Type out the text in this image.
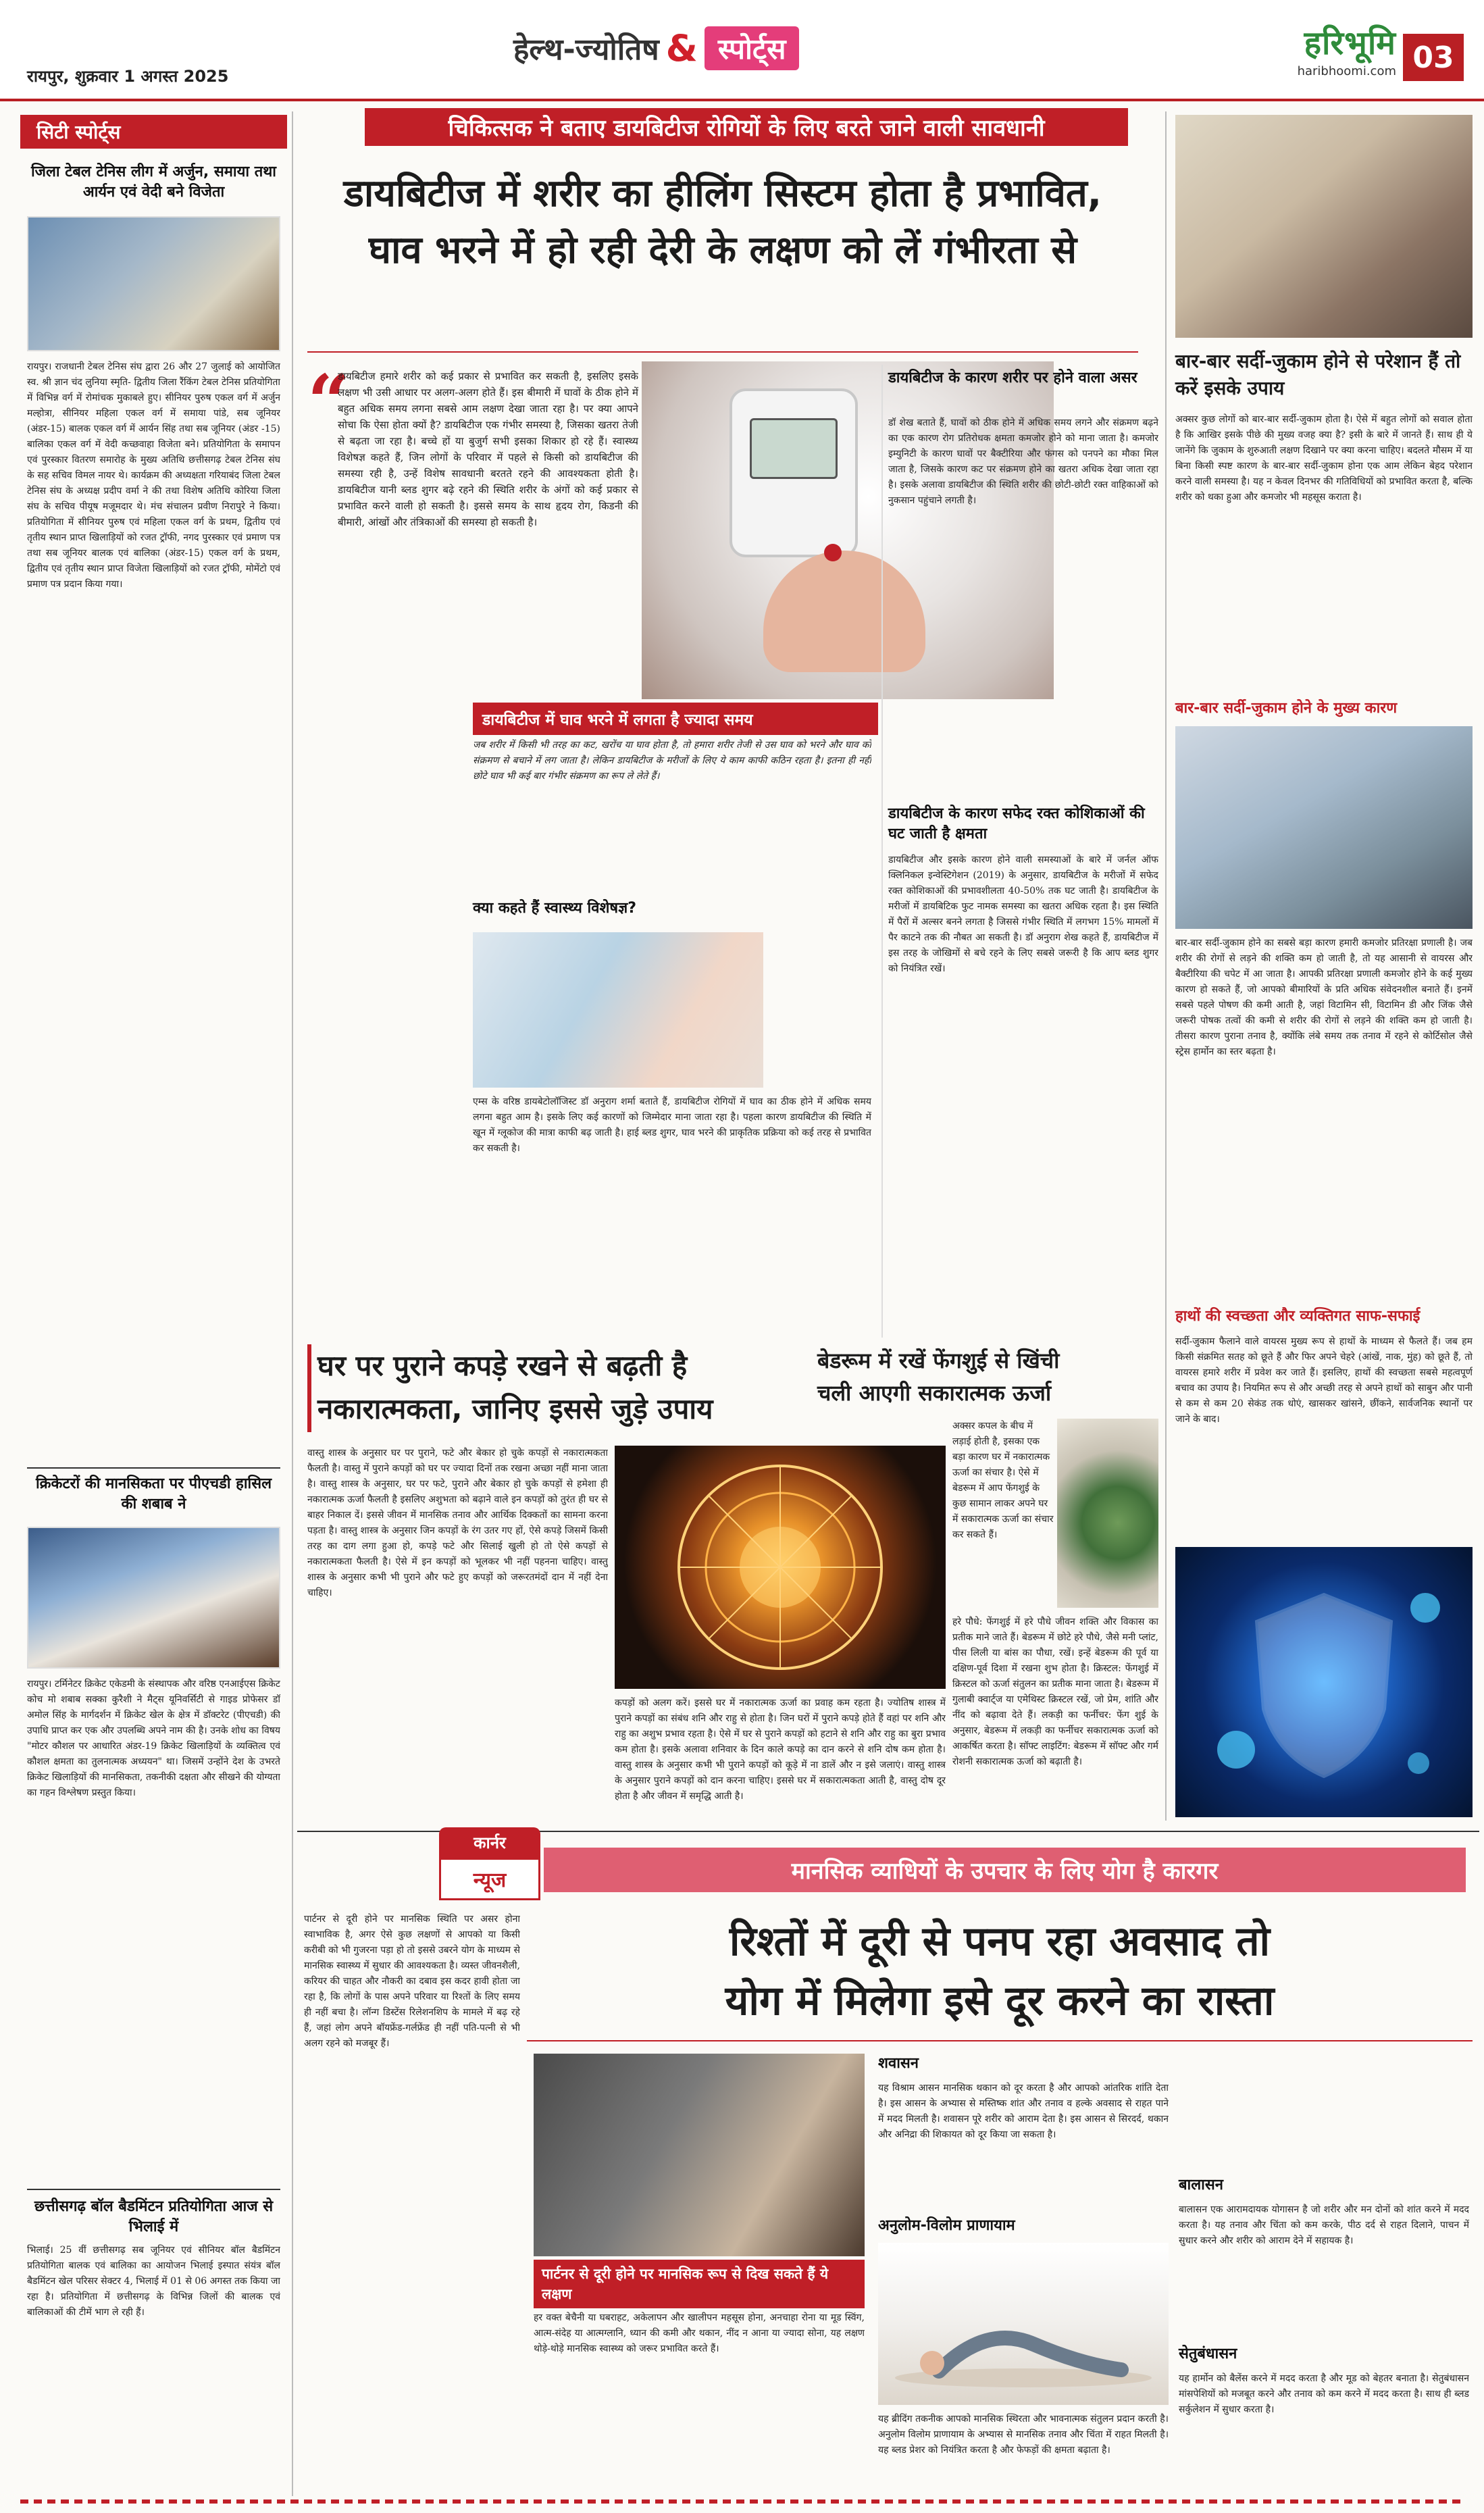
रायपुर, शुक्रवार 1 अगस्त 2025
हेल्थ-ज्योतिष & स्पोर्ट्स	हरिभूमि
haribhoomi.com 03
सिटी स्पोर्ट्स
जिला टेबल टेनिस लीग में अर्जुन, समाया तथा आर्यन एवं वेदी बने विजेता
रायपुर। राजधानी टेबल टेनिस संघ द्वारा 26 और 27 जुलाई को आयोजित स्व. श्री ज्ञान चंद लुनिया स्मृति- द्वितीय जिला रैंकिंग टेबल टेनिस प्रतियोगिता में विभिन्न वर्ग में रोमांचक मुकाबले हुए। सीनियर पुरुष एकल वर्ग में अर्जुन मल्होत्रा, सीनियर महिला एकल वर्ग में समाया पांडे, सब जूनियर (अंडर-15) बालक एकल वर्ग में आर्यन सिंह तथा सब जूनियर (अंडर -15) बालिका एकल वर्ग में वेदी कच्छवाहा विजेता बने। प्रतियोगिता के समापन एवं पुरस्कार वितरण समारोह के मुख्य अतिथि छत्तीसगढ़ टेबल टेनिस संघ के सह सचिव विमल नायर थे। कार्यक्रम की अध्यक्षता गरियाबंद जिला टेबल टेनिस संघ के अध्यक्ष प्रदीप वर्मा ने की तथा विशेष अतिथि कोरिया जिला संघ के सचिव पीयूष मजूमदार थे। मंच संचालन प्रवीण निरापुरे ने किया। प्रतियोगिता में सीनियर पुरुष एवं महिला एकल वर्ग के प्रथम, द्वितीय एवं तृतीय स्थान प्राप्त खिलाड़ियों को रजत ट्रॉफी, नगद पुरस्कार एवं प्रमाण पत्र तथा सब जूनियर बालक एवं बालिका (अंडर-15) एकल वर्ग के प्रथम, द्वितीय एवं तृतीय स्थान प्राप्त विजेता खिलाड़ियों को रजत ट्रॉफी, मोमेंटो एवं प्रमाण पत्र प्रदान किया गया।
क्रिकेटरों की मानसिकता पर पीएचडी हासिल की शबाब ने
रायपुर। टर्मिनेटर क्रिकेट एकेडमी के संस्थापक और वरिष्ठ एनआईएस क्रिकेट कोच मो शबाब सक्का कुरैशी ने मैट्स यूनिवर्सिटी से गाइड प्रोफेसर डॉ अमोल सिंह के मार्गदर्शन में क्रिकेट खेल के क्षेत्र में डॉक्टरेट (पीएचडी) की उपाधि प्राप्त कर एक और उपलब्धि अपने नाम की है। उनके शोध का विषय "मोटर कौशल पर आधारित अंडर-19 क्रिकेट खिलाड़ियों के व्यक्तित्व एवं कौशल क्षमता का तुलनात्मक अध्ययन" था। जिसमें उन्होंने देश के उभरते क्रिकेट खिलाड़ियों की मानसिकता, तकनीकी दक्षता और सीखने की योग्यता का गहन विश्लेषण प्रस्तुत किया।
छत्तीसगढ़ बॉल बैडमिंटन प्रतियोगिता आज से भिलाई में
भिलाई। 25 वीं छत्तीसगढ़ सब जूनियर एवं सीनियर बॉल बैडमिंटन प्रतियोगिता बालक एवं बालिका का आयोजन भिलाई इस्पात संयंत्र बॉल बैडमिंटन खेल परिसर सेक्टर 4, भिलाई में 01 से 06 अगस्त तक किया जा रहा है। प्रतियोगिता में छत्तीसगढ़ के विभिन्न जिलों की बालक एवं बालिकाओं की टीमें भाग ले रही हैं।
चिकित्सक ने बताए डायबिटीज रोगियों के लिए बरते जाने वाली सावधानी
डायबिटीज में शरीर का हीलिंग सिस्टम होता है प्रभावित,
घाव भरने में हो रही देरी के लक्षण को लें गंभीरता से
“
डायबिटीज हमारे शरीर को कई प्रकार से प्रभावित कर सकती है, इसलिए इसके लक्षण भी उसी आधार पर अलग-अलग होते हैं। इस बीमारी में घावों के ठीक होने में बहुत अधिक समय लगना सबसे आम लक्षण देखा जाता रहा है। पर क्या आपने सोचा कि ऐसा होता क्यों है? डायबिटीज एक गंभीर समस्या है, जिसका खतरा तेजी से बढ़ता जा रहा है। बच्चे हों या बुजुर्ग सभी इसका शिकार हो रहे हैं। स्वास्थ्य विशेषज्ञ कहते हैं, जिन लोगों के परिवार में पहले से किसी को डायबिटीज की समस्या रही है, उन्हें विशेष सावधानी बरतते रहने की आवश्यकता होती है। डायबिटीज यानी ब्लड शुगर बढ़े रहने की स्थिति शरीर के अंगों को कई प्रकार से प्रभावित करने वाली हो सकती है। इससे समय के साथ हृदय रोग, किडनी की बीमारी, आंखों और तंत्रिकाओं की समस्या हो सकती है।
डायबिटीज में घाव भरने में लगता है ज्यादा समय
जब शरीर में किसी भी तरह का कट, खरोंच या घाव होता है, तो हमारा शरीर तेजी से उस घाव को भरने और घाव को संक्रमण से बचाने में लग जाता है। लेकिन डायबिटीज के मरीजों के लिए ये काम काफी कठिन रहता है। इतना ही नहीं छोटे घाव भी कई बार गंभीर संक्रमण का रूप ले लेते हैं।
क्या कहते हैं स्वास्थ्य विशेषज्ञ?
एम्स के वरिष्ठ डायबेटोलॉजिस्ट डॉ अनुराग शर्मा बताते हैं, डायबिटीज रोगियों में घाव का ठीक होने में अधिक समय लगना बहुत आम है। इसके लिए कई कारणों को जिम्मेदार माना जाता रहा है। पहला कारण डायबिटीज की स्थिति में खून में ग्लूकोज की मात्रा काफी बढ़ जाती है। हाई ब्लड शुगर, घाव भरने की प्राकृतिक प्रक्रिया को कई तरह से प्रभावित कर सकती है।
डायबिटीज के कारण शरीर पर होने वाला असर
डॉ शेख बताते हैं, घावों को ठीक होने में अधिक समय लगने और संक्रमण बढ़ने का एक कारण रोग प्रतिरोधक क्षमता कमजोर होने को माना जाता है। कमजोर इम्युनिटी के कारण घावों पर बैक्टीरिया और फंगस को पनपने का मौका मिल जाता है, जिसके कारण कट पर संक्रमण होने का खतरा अधिक देखा जाता रहा है। इसके अलावा डायबिटीज की स्थिति शरीर की छोटी-छोटी रक्त वाहिकाओं को नुकसान पहुंचाने लगती है।
डायबिटीज के कारण सफेद रक्त कोशिकाओं की घट जाती है क्षमता
डायबिटीज और इसके कारण होने वाली समस्याओं के बारे में जर्नल ऑफ क्लिनिकल इन्वेस्टिगेशन (2019) के अनुसार, डायबिटीज के मरीजों में सफेद रक्त कोशिकाओं की प्रभावशीलता 40-50% तक घट जाती है। डायबिटीज के मरीजों में डायबिटिक फुट नामक समस्या का खतरा अधिक रहता है। इस स्थिति में पैरों में अल्सर बनने लगता है जिससे गंभीर स्थिति में लगभग 15% मामलों में पैर काटने तक की नौबत आ सकती है। डॉ अनुराग शेख कहते हैं, डायबिटीज में इस तरह के जोखिमों से बचे रहने के लिए सबसे जरूरी है कि आप ब्लड शुगर को नियंत्रित रखें।
घर पर पुराने कपड़े रखने से बढ़ती है
नकारात्मकता, जानिए इससे जुड़े उपाय
वास्तु शास्त्र के अनुसार घर पर पुराने, फटे और बेकार हो चुके कपड़ों से नकारात्मकता फैलती है। वास्तु में पुराने कपड़ों को घर पर ज्यादा दिनों तक रखना अच्छा नहीं माना जाता है। वास्तु शास्त्र के अनुसार, घर पर फटे, पुराने और बेकार हो चुके कपड़ों से हमेशा ही नकारात्मक ऊर्जा फैलती है इसलिए अशुभता को बढ़ाने वाले इन कपड़ों को तुरंत ही घर से बाहर निकाल दें। इससे जीवन में मानसिक तनाव और आर्थिक दिक्कतों का सामना करना पड़ता है। वास्तु शास्त्र के अनुसार जिन कपड़ों के रंग उतर गए हों, ऐसे कपड़े जिसमें किसी तरह का दाग लगा हुआ हो, कपड़े फटे और सिलाई खुली हो तो ऐसे कपड़ों से नकारात्मकता फैलती है। ऐसे में इन कपड़ों को भूलकर भी नहीं पहनना चाहिए। वास्तु शास्त्र के अनुसार कभी भी पुराने और फटे हुए कपड़ों को जरूरतमंदों दान में नहीं देना चाहिए।
कपड़ों को अलग करें। इससे घर में नकारात्मक ऊर्जा का प्रवाह कम रहता है। ज्योतिष शास्त्र में पुराने कपड़ों का संबंध शनि और राहु से होता है। जिन घरों में पुराने कपड़े होते हैं वहां पर शनि और राहु का अशुभ प्रभाव रहता है। ऐसे में घर से पुराने कपड़ों को हटाने से शनि और राहु का बुरा प्रभाव कम होता है। इसके अलावा शनिवार के दिन काले कपड़े का दान करने से शनि दोष कम होता है। वास्तु शास्त्र के अनुसार कभी भी पुराने कपड़ों को कूड़े में ना डालें और न इसे जलाएं। वास्तु शास्त्र के अनुसार पुराने कपड़ों को दान करना चाहिए। इससे घर में सकारात्मकता आती है, वास्तु दोष दूर होता है और जीवन में समृद्धि आती है।
बेडरूम में रखें फेंगशुई से खिंची
चली आएगी सकारात्मक ऊर्जा
अक्सर कपल के बीच में लड़ाई होती है, इसका एक बड़ा कारण घर में नकारात्मक ऊर्जा का संचार है। ऐसे में बेडरूम में आप फेंगशुई के कुछ सामान लाकर अपने घर में सकारात्मक ऊर्जा का संचार कर सकते हैं।
हरे पौधे: फेंगशुई में हरे पौधे जीवन शक्ति और विकास का प्रतीक माने जाते हैं। बेडरूम में छोटे हरे पौधे, जैसे मनी प्लांट, पीस लिली या बांस का पौधा, रखें। इन्हें बेडरूम की पूर्व या दक्षिण-पूर्व दिशा में रखना शुभ होता है। क्रिस्टल: फेंगशुई में क्रिस्टल को ऊर्जा संतुलन का प्रतीक माना जाता है। बेडरूम में गुलाबी क्वार्ट्ज या एमेथिस्ट क्रिस्टल रखें, जो प्रेम, शांति और नींद को बढ़ावा देते हैं। लकड़ी का फर्नीचर: फेंग शुई के अनुसार, बेडरूम में लकड़ी का फर्नीचर सकारात्मक ऊर्जा को आकर्षित करता है। सॉफ्ट लाइटिंग: बेडरूम में सॉफ्ट और गर्म रोशनी सकारात्मक ऊर्जा को बढ़ाती है।
बार-बार सर्दी-जुकाम होने से परेशान हैं तो करें इसके उपाय
अक्सर कुछ लोगों को बार-बार सर्दी-जुकाम होता है। ऐसे में बहुत लोगों को सवाल होता है कि आखिर इसके पीछे की मुख्य वजह क्या है? इसी के बारे में जानते हैं। साथ ही ये जानेंगे कि जुकाम के शुरुआती लक्षण दिखाने पर क्या करना चाहिए। बदलते मौसम में या बिना किसी स्पष्ट कारण के बार-बार सर्दी-जुकाम होना एक आम लेकिन बेहद परेशान करने वाली समस्या है। यह न केवल दिनभर की गतिविधियों को प्रभावित करता है, बल्कि शरीर को थका हुआ और कमजोर भी महसूस कराता है।
बार-बार सर्दी-जुकाम होने के मुख्य कारण
बार-बार सर्दी-जुकाम होने का सबसे बड़ा कारण हमारी कमजोर प्रतिरक्षा प्रणाली है। जब शरीर की रोगों से लड़ने की शक्ति कम हो जाती है, तो यह आसानी से वायरस और बैक्टीरिया की चपेट में आ जाता है। आपकी प्रतिरक्षा प्रणाली कमजोर होने के कई मुख्य कारण हो सकते हैं, जो आपको बीमारियों के प्रति अधिक संवेदनशील बनाते हैं। इनमें सबसे पहले पोषण की कमी आती है, जहां विटामिन सी, विटामिन डी और जिंक जैसे जरूरी पोषक तत्वों की कमी से शरीर की रोगों से लड़ने की शक्ति कम हो जाती है। तीसरा कारण पुराना तनाव है, क्योंकि लंबे समय तक तनाव में रहने से कोर्टिसोल जैसे स्ट्रेस हार्मोन का स्तर बढ़ता है।
हाथों की स्वच्छता और व्यक्तिगत साफ-सफाई
सर्दी-जुकाम फैलाने वाले वायरस मुख्य रूप से हाथों के माध्यम से फैलते हैं। जब हम किसी संक्रमित सतह को छूते हैं और फिर अपने चेहरे (आंखें, नाक, मुंह) को छूते हैं, तो वायरस हमारे शरीर में प्रवेश कर जाते हैं। इसलिए, हाथों की स्वच्छता सबसे महत्वपूर्ण बचाव का उपाय है। नियमित रूप से और अच्छी तरह से अपने हाथों को साबुन और पानी से कम से कम 20 सेकंड तक धोएं, खासकर खांसने, छींकने, सार्वजनिक स्थानों पर जाने के बाद।
कार्नर
न्यूज	मानसिक व्याधियों के उपचार के लिए योग है कारगर
रिश्तों में दूरी से पनप रहा अवसाद तो
योग में मिलेगा इसे दूर करने का रास्ता
पार्टनर से दूरी होने पर मानसिक स्थिति पर असर होना स्वाभाविक है, अगर ऐसे कुछ लक्षणों से आपको या किसी करीबी को भी गुजरना पड़ा हो तो इससे उबरने योग के माध्यम से मानसिक स्वास्थ्य में सुधार की आवश्यकता है। व्यस्त जीवनशैली, करियर की चाहत और नौकरी का दबाव इस कदर हावी होता जा रहा है, कि लोगों के पास अपने परिवार या रिश्तों के लिए समय ही नहीं बचा है। लॉन्ग डिस्टेंस रिलेशनशिप के मामले में बढ़ रहे हैं, जहां लोग अपने बॉयफ्रेंड-गर्लफ्रेंड ही नहीं पति-पत्नी से भी अलग रहने को मजबूर हैं।
पार्टनर से दूरी होने पर मानसिक रूप से दिख सकते हैं ये लक्षण
हर वक्त बेचैनी या घबराहट, अकेलापन और खालीपन महसूस होना, अनचाहा रोना या मूड स्विंग, आत्म-संदेह या आत्मग्लानि, ध्यान की कमी और थकान, नींद न आना या ज्यादा सोना, यह लक्षण थोड़े-थोड़े मानसिक स्वास्थ्य को जरूर प्रभावित करते हैं।
शवासन
यह विश्राम आसन मानसिक थकान को दूर करता है और आपको आंतरिक शांति देता है। इस आसन के अभ्यास से मस्तिष्क शांत और तनाव व हल्के अवसाद से राहत पाने में मदद मिलती है। शवासन पूरे शरीर को आराम देता है। इस आसन से सिरदर्द, थकान और अनिद्रा की शिकायत को दूर किया जा सकता है।
अनुलोम-विलोम प्राणायाम
यह ब्रीदिंग तकनीक आपको मानसिक स्थिरता और भावनात्मक संतुलन प्रदान करती है। अनुलोम विलोम प्राणायाम के अभ्यास से मानसिक तनाव और चिंता में राहत मिलती है। यह ब्लड प्रेशर को नियंत्रित करता है और फेफड़ों की क्षमता बढ़ाता है।
बालासन
बालासन एक आरामदायक योगासन है जो शरीर और मन दोनों को शांत करने में मदद करता है। यह तनाव और चिंता को कम करके, पीठ दर्द से राहत दिलाने, पाचन में सुधार करने और शरीर को आराम देने में सहायक है।
सेतुबंधासन
यह हार्मोन को बैलेंस करने में मदद करता है और मूड को बेहतर बनाता है। सेतुबंधासन मांसपेशियों को मजबूत करने और तनाव को कम करने में मदद करता है। साथ ही ब्लड सर्कुलेशन में सुधार करता है।
